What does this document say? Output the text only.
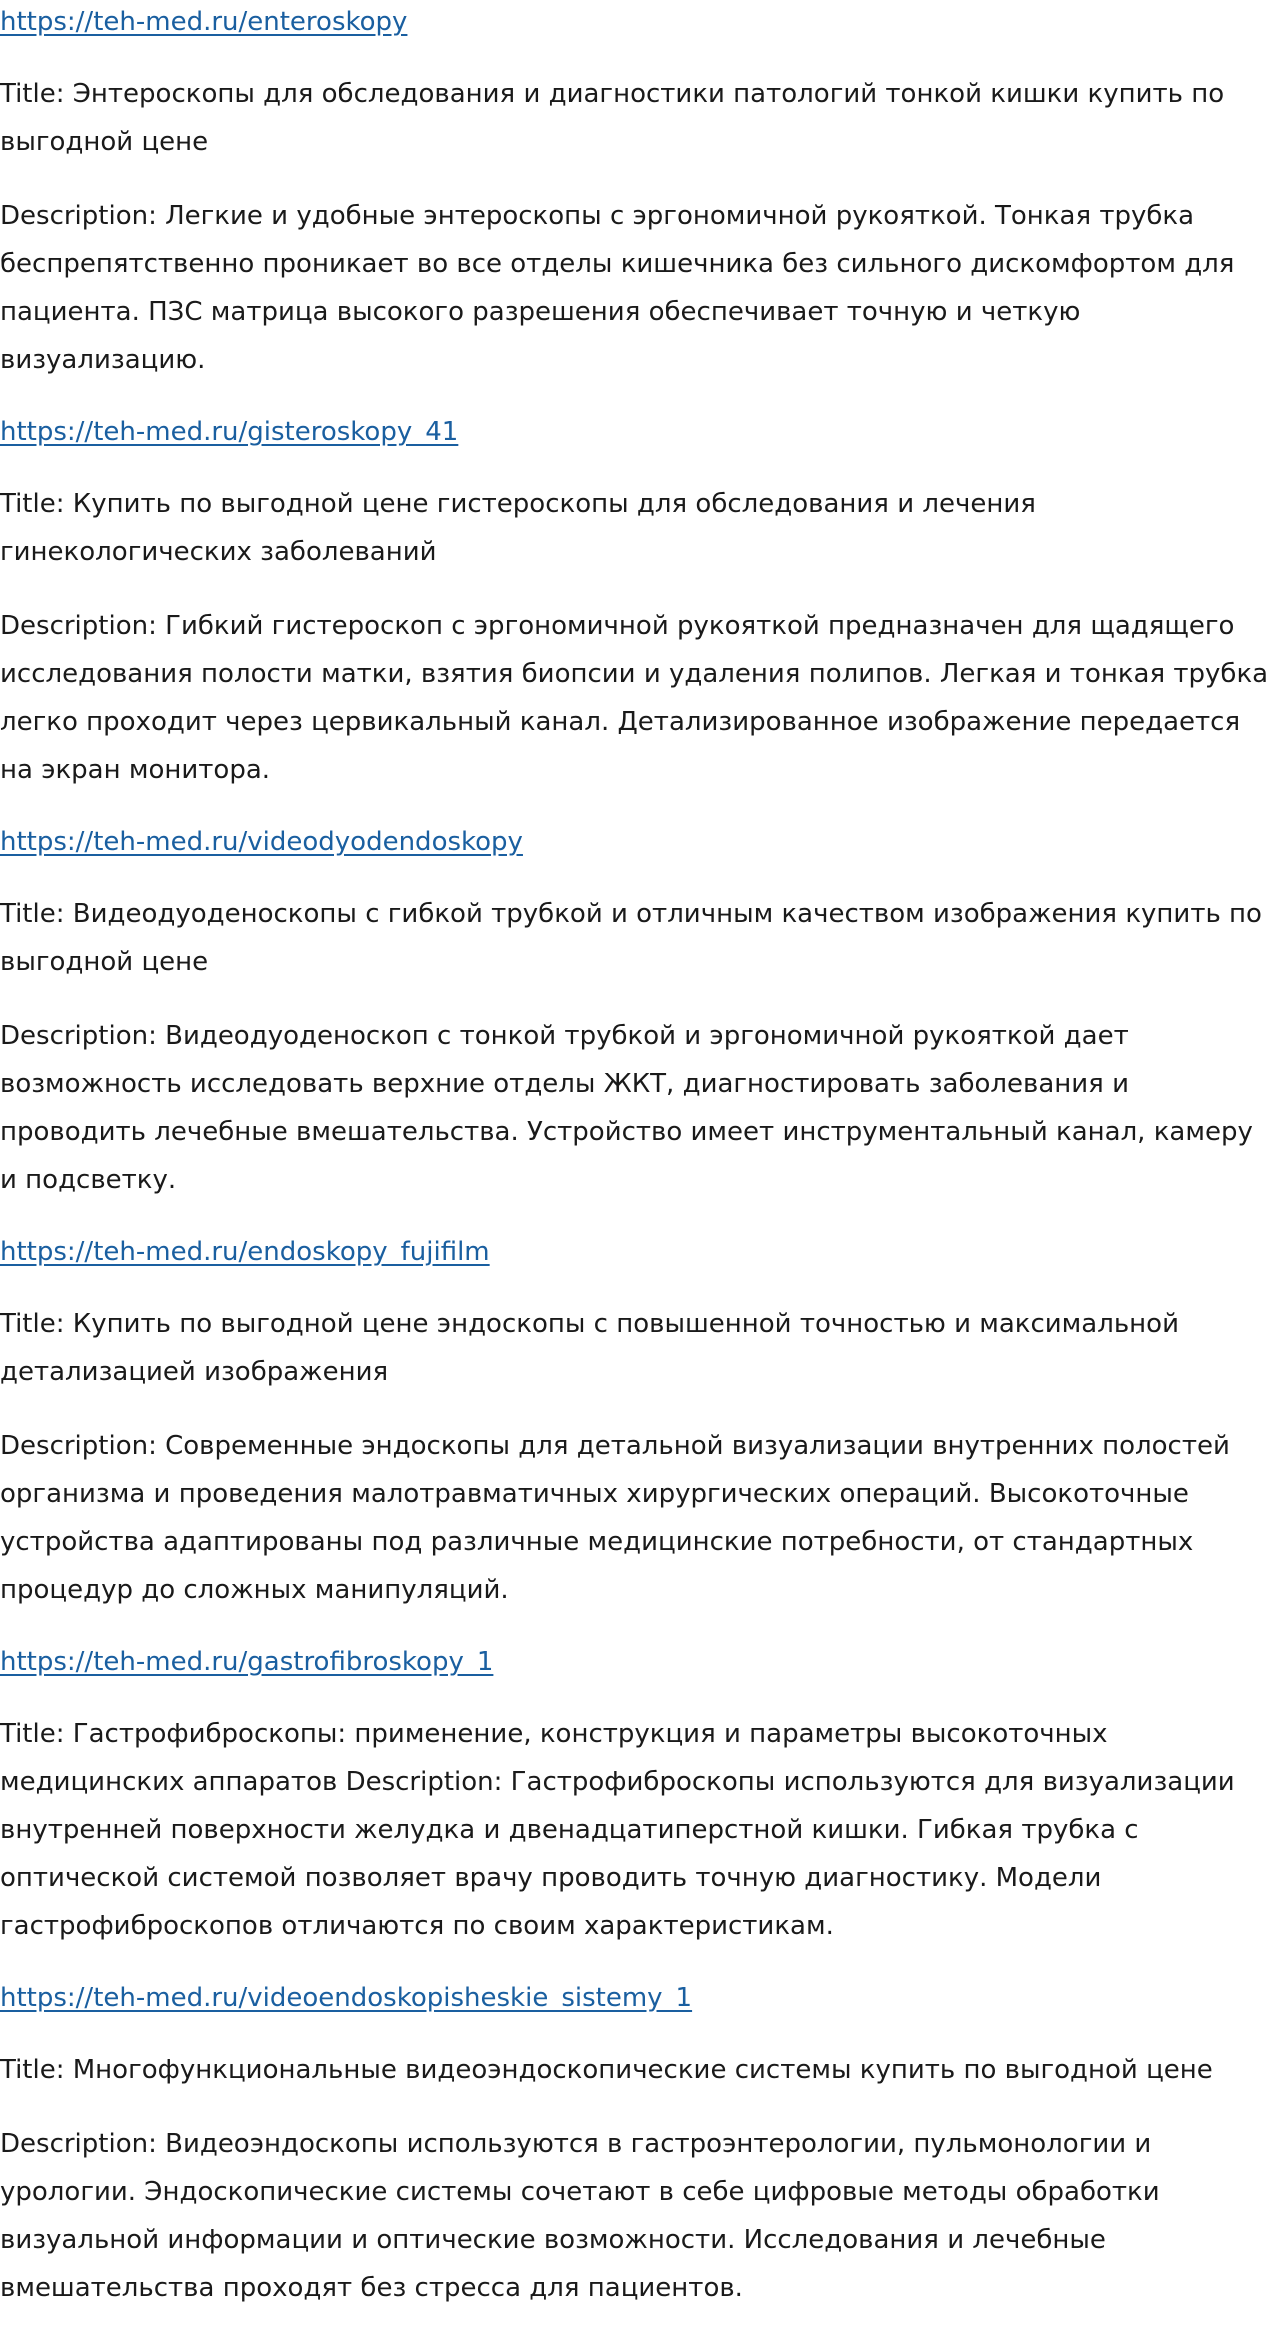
https://teh-med.ru/enteroskopy

Title: Энтероскопы для обследования и диагностики патологий тонкой кишки купить по выгодной цене

Description: Легкие и удобные энтероскопы с эргономичной рукояткой. Тонкая трубка беспрепятственно проникает во все отделы кишечника без сильного дискомфортом для пациента. ПЗС матрица высокого разрешения обеспечивает точную и четкую визуализацию.

https://teh-med.ru/gisteroskopy_41

Title: Купить по выгодной цене гистероскопы для обследования и лечения гинекологических заболеваний

Description: Гибкий гистероскоп с эргономичной рукояткой предназначен для щадящего исследования полости матки, взятия биопсии и удаления полипов. Легкая и тонкая трубка легко проходит через цервикальный канал. Детализированное изображение передается на экран монитора.

https://teh-med.ru/videodyodendoskopy

Title: Видеодуоденоскопы с гибкой трубкой и отличным качеством изображения купить по выгодной цене

Description: Видеодуоденоскоп с тонкой трубкой и эргономичной рукояткой дает возможность исследовать верхние отделы ЖКТ, диагностировать заболевания и проводить лечебные вмешательства. Устройство имеет инструментальный канал, камеру и подсветку.

https://teh-med.ru/endoskopy_fujifilm

Title: Купить по выгодной цене эндоскопы с повышенной точностью и максимальной детализацией изображения

Description: Современные эндоскопы для детальной визуализации внутренних полостей организма и проведения малотравматичных хирургических операций. Высокоточные устройства адаптированы под различные медицинские потребности, от стандартных процедур до сложных манипуляций.

https://teh-med.ru/gastrofibroskopy_1

Title: Гастрофиброскопы: применение, конструкция и параметры высокоточных медицинских аппаратов Description: Гастрофиброскопы используются для визуализации внутренней поверхности желудка и двенадцатиперстной кишки. Гибкая трубка с оптической системой позволяет врачу проводить точную диагностику. Модели гастрофиброскопов отличаются по своим характеристикам.

https://teh-med.ru/videoendoskopisheskie_sistemy_1

Title: Многофункциональные видеоэндоскопические системы купить по выгодной цене

Description: Видеоэндоскопы используются в гастроэнтерологии, пульмонологии и урологии. Эндоскопические системы сочетают в себе цифровые методы обработки визуальной информации и оптические возможности. Исследования и лечебные вмешательства проходят без стресса для пациентов.
